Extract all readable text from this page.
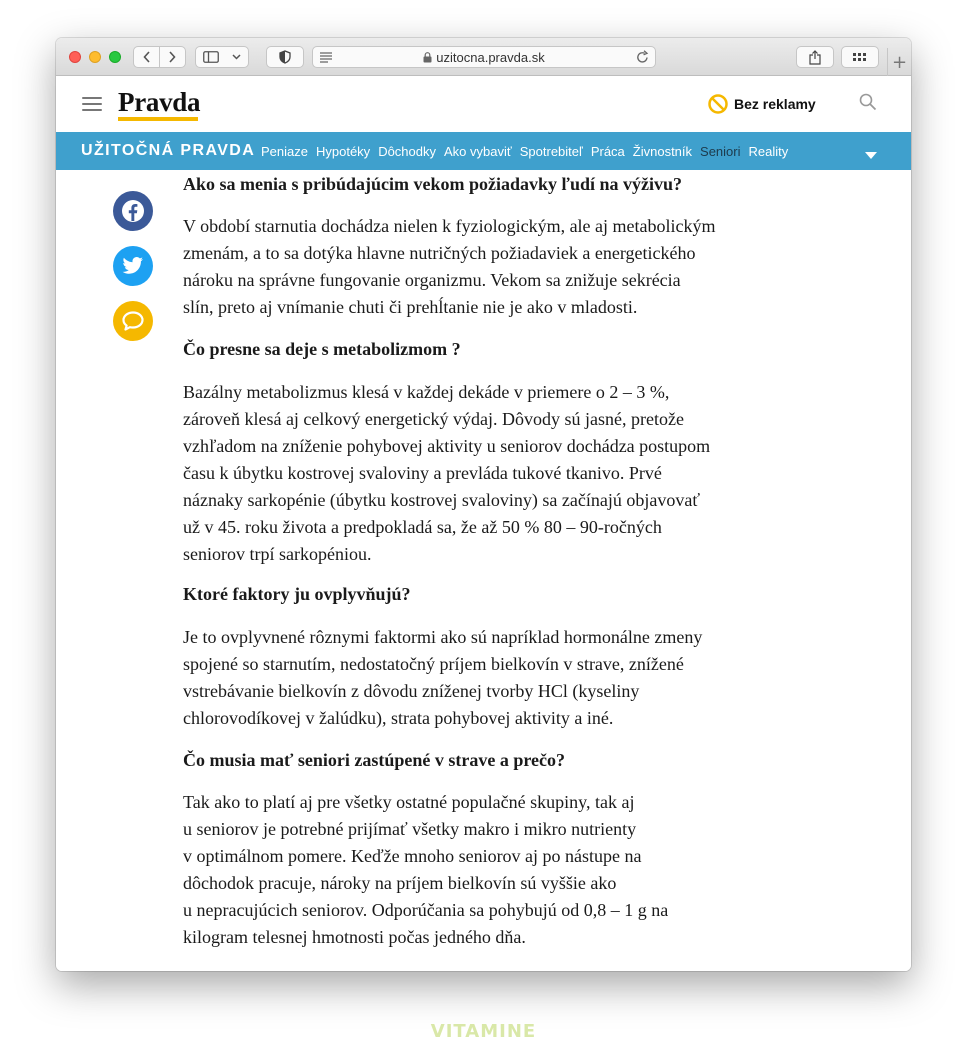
uzitocna.pravda.sk	+
Pravda	Bez reklamy
UŽITOČNÁ PRAVDA Peniaze Hypotéky Dôchodky Ako vybaviť Spotrebiteľ Práca Živnostník Seniori Reality
Ako sa menia s pribúdajúcim vekom požiadavky ľudí na výživu?

V období starnutia dochádza nielen k fyziologickým, ale aj metabolickým
zmenám, a to sa dotýka hlavne nutričných požiadaviek a energetického
nároku na správne fungovanie organizmu. Vekom sa znižuje sekrécia
slín, preto aj vnímanie chuti či prehĺtanie nie je ako v mladosti.

Čo presne sa deje s metabolizmom ?

Bazálny metabolizmus klesá v každej dekáde v priemere o 2 – 3 %,
zároveň klesá aj celkový energetický výdaj. Dôvody sú jasné, pretože
vzhľadom na zníženie pohybovej aktivity u seniorov dochádza postupom
času k úbytku kostrovej svaloviny a prevláda tukové tkanivo. Prvé
náznaky sarkopénie (úbytku kostrovej svaloviny) sa začínajú objavovať
už v 45. roku života a predpokladá sa, že až 50 % 80 – 90-ročných
seniorov trpí sarkopéniou.

Ktoré faktory ju ovplyvňujú?

Je to ovplyvnené rôznymi faktormi ako sú napríklad hormonálne zmeny
spojené so starnutím, nedostatočný príjem bielkovín v strave, znížené
vstrebávanie bielkovín z dôvodu zníženej tvorby HCl (kyseliny
chlorovodíkovej v žalúdku), strata pohybovej aktivity a iné.

Čo musia mať seniori zastúpené v strave a prečo?

Tak ako to platí aj pre všetky ostatné populačné skupiny, tak aj
u seniorov je potrebné prijímať všetky makro i mikro nutrienty
v optimálnom pomere. Keďže mnoho seniorov aj po nástupe na
dôchodok pracuje, nároky na príjem bielkovín sú vyššie ako
u nepracujúcich seniorov. Odporúčania sa pohybujú od 0,8 – 1 g na
kilogram telesnej hmotnosti počas jedného dňa.

VITAMINE
